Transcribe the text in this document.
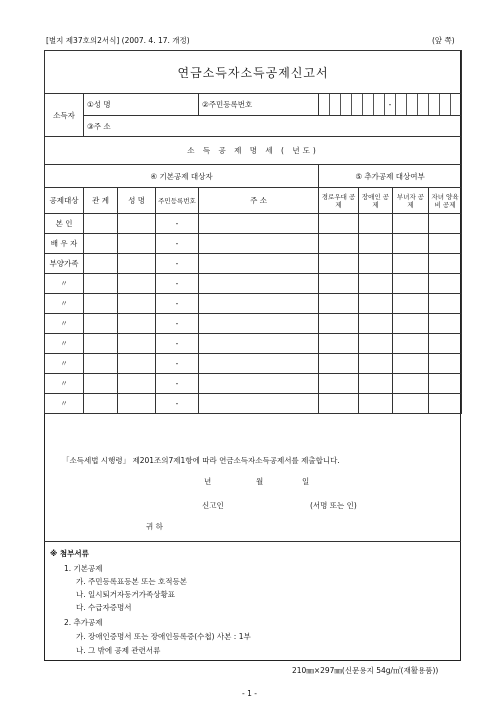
[별지 제37호의2서식] (2007. 4. 17. 개정)	(앞 쪽)
연금소득자소득공제신고서								
소득자	①성 명			②주민등록번호	-			

	③주 소							
소 득 공 제 명 세 ( 년도)								
④ 기본공제 대상자					⑤ 추가공제 대상여부			
공제대상	관 계	성 명	주민등록번호	주 소	경로우대 공 제	장애인 공 제	부녀자 공 제	자녀 양육비 공제
본 인			-					
배 우 자			-					
부양가족			-					
〃			-					
〃			-					
〃			-					
〃			-					
〃			-					
〃			-					
〃			-					
「소득세법 시행령」 제201조의7제1항에 따라 연금소득자소득공제서를 제출합니다.
년	월	일
신고인	(서명 또는 인)
귀 하
※ 첨부서류
1. 기본공제
가. 주민등록표등본 또는 호적등본
나. 일시퇴거자동거가족상황표
다. 수급자증명서
2. 추가공제
가. 장애인증명서 또는 장애인등록증(수첩) 사본 : 1부
나. 그 밖에 공제 관련서류
210㎜×297㎜(신문용지 54g/㎡(재활용품))
- 1 -
